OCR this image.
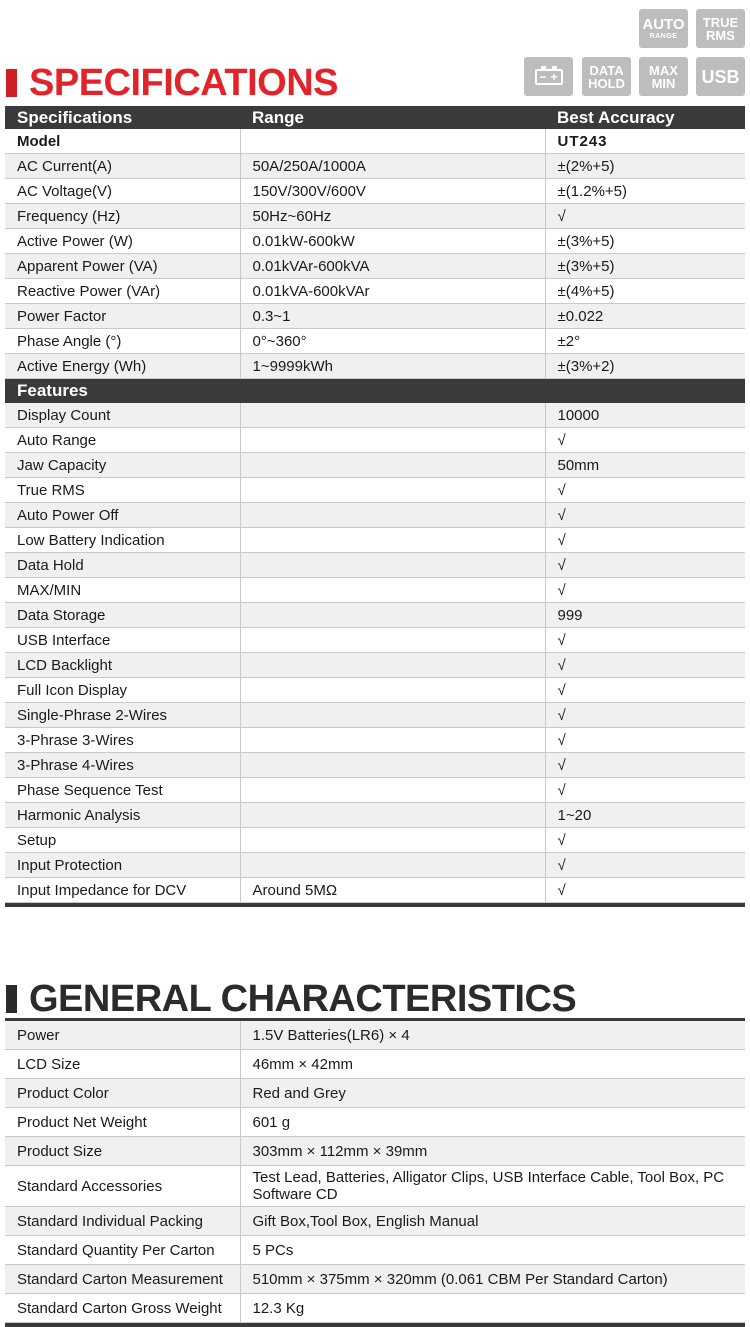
AUTO
RANGE
TRUE
RMS
− + DATA
HOLD
MAX
MIN USB
SPECIFICATIONS
Specifications	Range	Best Accuracy
Model		UT243
AC Current(A)	50A/250A/1000A	±(2%+5)
AC Voltage(V)	150V/300V/600V	±(1.2%+5)
Frequency (Hz)	50Hz~60Hz	√
Active Power (W)	0.01kW-600kW	±(3%+5)
Apparent Power (VA)	0.01kVAr-600kVA	±(3%+5)
Reactive Power (VAr)	0.01kVA-600kVAr	±(4%+5)
Power Factor	0.3~1	±0.022
Phase Angle (°)	0°~360°	±2°
Active Energy (Wh)	1~9999kWh	±(3%+2)
Features		
Display Count		10000
Auto Range		√
Jaw Capacity		50mm
True RMS		√
Auto Power Off		√
Low Battery Indication		√
Data Hold		√
MAX/MIN		√
Data Storage		999
USB Interface		√
LCD Backlight		√
Full Icon Display		√
Single-Phrase 2-Wires		√
3-Phrase 3-Wires		√
3-Phrase 4-Wires		√
Phase Sequence Test		√
Harmonic Analysis		1~20
Setup		√
Input Protection		√
Input Impedance for DCV	Around 5MΩ	√

GENERAL CHARACTERISTICS
Power	1.5V Batteries(LR6) × 4
LCD Size	46mm × 42mm
Product Color	Red and Grey
Product Net Weight	601 g
Product Size	303mm × 112mm × 39mm
Standard Accessories	Test Lead, Batteries, Alligator Clips, USB Interface Cable, Tool Box, PC Software CD
Standard Individual Packing	Gift Box,Tool Box, English Manual
Standard Quantity Per Carton	5 PCs
Standard Carton Measurement	510mm × 375mm × 320mm (0.061 CBM Per Standard Carton)
Standard Carton Gross Weight	12.3 Kg
